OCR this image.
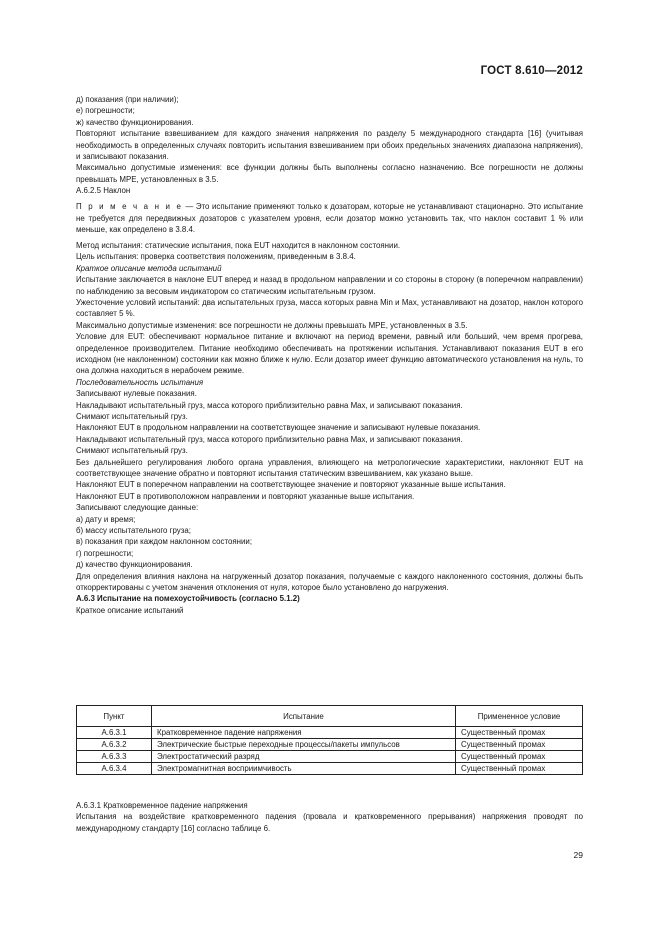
ГОСТ 8.610—2012

д) показания (при наличии);

е) погрешности;

ж) качество функционирования.

Повторяют испытание взвешиванием для каждого значения напряжения по разделу 5 международного стандарта [16] (учитывая необходимость в определенных случаях повторить испытания взвешиванием при обоих предельных значениях диапазона напряжения), и записывают показания.

Максимально допустимые изменения: все функции должны быть выполнены согласно назначению. Все погрешности не должны превышать МРЕ, установленных в 3.5.

А.6.2.5 Наклон

П р и м е ч а н и е — Это испытание применяют только к дозаторам, которые не устанавливают стационарно. Это испытание не требуется для передвижных дозаторов с указателем уровня, если дозатор можно установить так, что наклон составит 1 % или меньше, как определено в 3.8.4.

Метод испытания: статические испытания, пока EUT находится в наклонном состоянии.

Цель испытания: проверка соответствия положениям, приведенным в 3.8.4.

Краткое описание метода испытаний

Испытание заключается в наклоне EUT вперед и назад в продольном направлении и со стороны в сторону (в поперечном направлении) по наблюдению за весовым индикатором со статическим испытательным грузом.

Ужесточение условий испытаний: два испытательных груза, масса которых равна Min и Max, устанавливают на дозатор, наклон которого составляет 5 %.

Максимально допустимые изменения: все погрешности не должны превышать МРЕ, установленных в 3.5.

Условие для EUT: обеспечивают нормальное питание и включают на период времени, равный или больший, чем время прогрева, определенное производителем. Питание необходимо обеспечивать на протяжении испытания. Устанавливают показания EUT в его исходном (не наклоненном) состоянии как можно ближе к нулю. Если дозатор имеет функцию автоматического установления на нуль, то она должна находиться в нерабочем режиме.

Последовательность испытания

Записывают нулевые показания.

Накладывают испытательный груз, масса которого приблизительно равна Max, и записывают показания.

Снимают испытательный груз.

Наклоняют EUT в продольном направлении на соответствующее значение и записывают нулевые показания.

Накладывают испытательный груз, масса которого приблизительно равна Max, и записывают показания.

Снимают испытательный груз.

Без дальнейшего регулирования любого органа управления, влияющего на метрологические характеристики, наклоняют EUT на соответствующее значение обратно и повторяют испытания статическим взвешиванием, как указано выше.

Наклоняют EUT в поперечном направлении на соответствующее значение и повторяют указанные выше испытания.

Наклоняют EUT в противоположном направлении и повторяют указанные выше испытания.

Записывают следующие данные:

а) дату и время;

б) массу испытательного груза;

в) показания при каждом наклонном состоянии;

г) погрешности;

д) качество функционирования.

Для определения влияния наклона на нагруженный дозатор показания, получаемые с каждого наклоненного состояния, должны быть откорректированы с учетом значения отклонения от нуля, которое было установлено до нагружения.

А.6.3 Испытание на помехоустойчивость (согласно 5.1.2)

Краткое описание испытаний

Пункт	Испытание	Примененное условие
А.6.3.1	Кратковременное падение напряжения	Существенный промах
А.6.3.2	Электрические быстрые переходные процессы/пакеты импульсов	Существенный промах
А.6.3.3	Электростатический разряд	Существенный промах
А.6.3.4	Электромагнитная восприимчивость	Существенный промах

А.6.3.1 Кратковременное падение напряжения

Испытания на воздействие кратковременного падения (провала и кратковременного прерывания) напряжения проводят по международному стандарту [16] согласно таблице 6.

29
